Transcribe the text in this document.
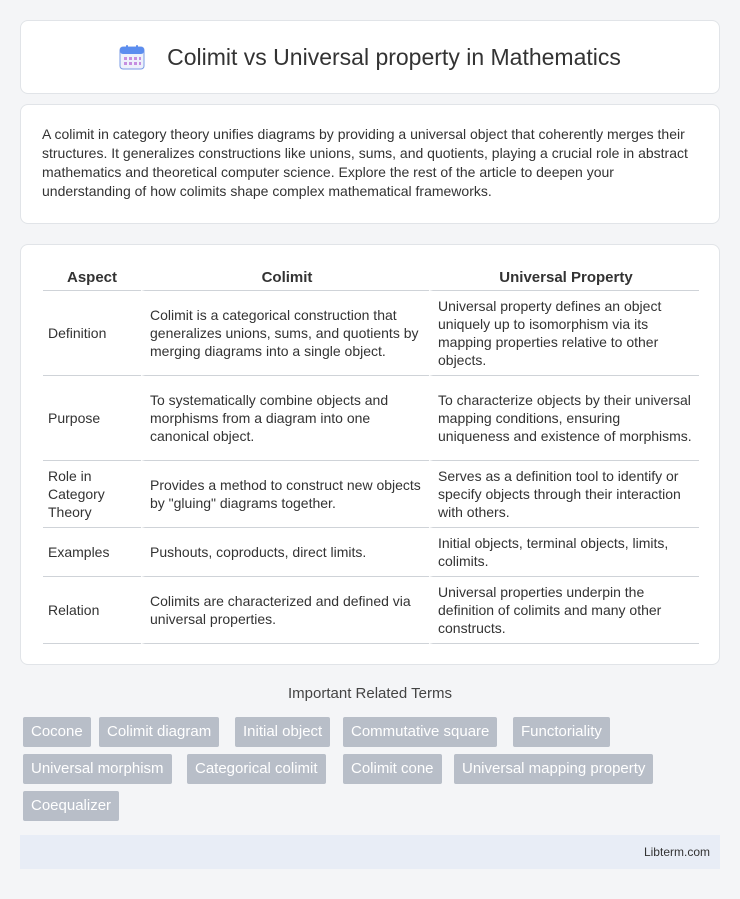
Colimit vs Universal property in Mathematics

A colimit in category theory unifies diagrams by providing a universal object that coherently merges their structures. It generalizes constructions like unions, sums, and quotients, playing a crucial role in abstract mathematics and theoretical computer science. Explore the rest of the article to deepen your understanding of how colimits shape complex mathematical frameworks.

Aspect	Colimit	Universal Property
Definition	Colimit is a categorical construction that generalizes unions, sums, and quotients by merging diagrams into a single object.	Universal property defines an object uniquely up to isomorphism via its mapping properties relative to other objects.
Purpose	To systematically combine objects and morphisms from a diagram into one canonical object.	To characterize objects by their universal mapping conditions, ensuring uniqueness and existence of morphisms.
Role in Category Theory	Provides a method to construct new objects by "gluing" diagrams together.	Serves as a definition tool to identify or specify objects through their interaction with others.
Examples	Pushouts, coproducts, direct limits.	Initial objects, terminal objects, limits, colimits.
Relation	Colimits are characterized and defined via universal properties.	Universal properties underpin the definition of colimits and many other constructs.
Important Related Terms
Cocone	Colimit diagram	Initial object	Commutative square	Functoriality
Universal morphism	Categorical colimit	Colimit cone	Universal mapping property
Coequalizer
Libterm.com
